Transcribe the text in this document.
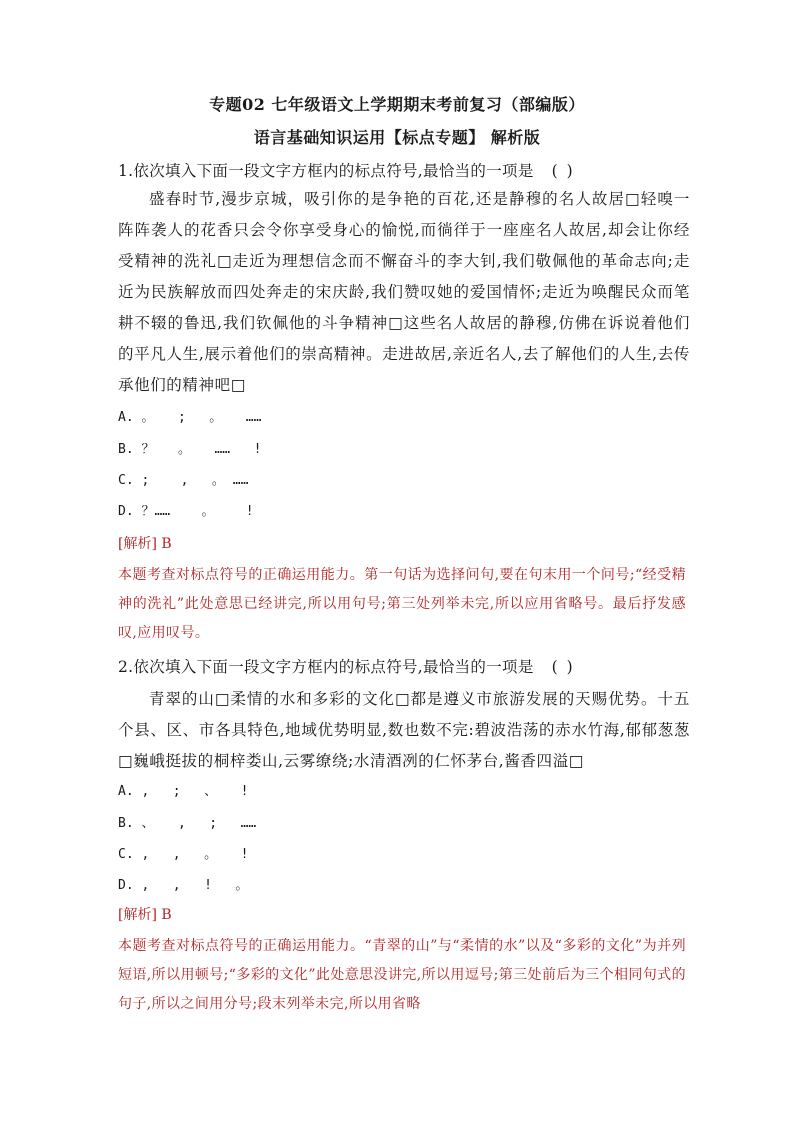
专题02 七年级语文上学期期末考前复习（部编版）
语言基础知识运用【标点专题】 解析版
1.依次填入下面一段文字方框内的标点符号,最恰当的一项是 ( )
盛春时节,漫步京城，吸引你的是争艳的百花,还是静穆的名人故居□轻嗅一阵阵袭人的花香只会令你享受身心的愉悦,而徜徉于一座座名人故居,却会让你经受精神的洗礼□走近为理想信念而不懈奋斗的李大钊,我们敬佩他的革命志向;走近为民族解放而四处奔走的宋庆龄,我们赞叹她的爱国情怀;走近为唤醒民众而笔耕不辍的鲁迅,我们钦佩他的斗争精神□这些名人故居的静穆,仿佛在诉说着他们的平凡人生,展示着他们的崇高精神。走进故居,亲近名人,去了解他们的人生,去传承他们的精神吧□
A. 。   ;   。   ……
B. ？   。   ……   !
C. ;    ,   。 ……
D. ？……    。    !
[解析] B
本题考查对标点符号的正确运用能力。第一句话为选择问句,要在句末用一个问号;“经受精神的洗礼”此处意思已经讲完,所以用句号;第三处列举未完,所以应用省略号。最后抒发感叹,应用叹号。
2.依次填入下面一段文字方框内的标点符号,最恰当的一项是 ( )
青翠的山□柔情的水和多彩的文化□都是遵义市旅游发展的天赐优势。十五个县、区、市各具特色,地域优势明显,数也数不完:碧波浩荡的赤水竹海,郁郁葱葱□巍峨挺拔的桐梓娄山,云雾缭绕;水清酒冽的仁怀茅台,酱香四溢□
A. ,   ;   、   !
B. 、   ,   ;   ……
C. ,   ,   。   !
D. ,   ,   !   。
[解析] B
本题考查对标点符号的正确运用能力。“青翠的山”与“柔情的水”以及“多彩的文化”为并列短语,所以用顿号;“多彩的文化”此处意思没讲完,所以用逗号;第三处前后为三个相同句式的句子,所以之间用分号;段末列举未完,所以用省略
